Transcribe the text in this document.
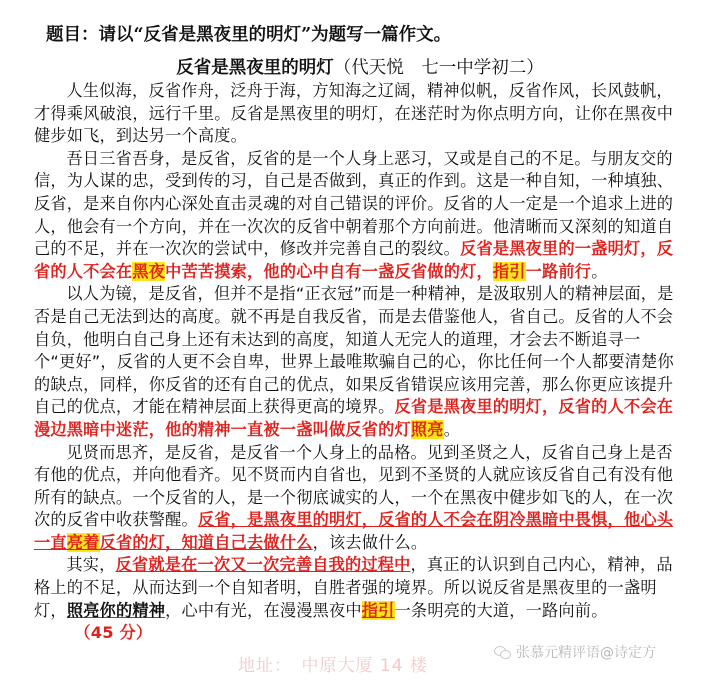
题目：请以“反省是黑夜里的明灯”为题写一篇作文。
反省是黑夜里的明灯（代天悦　七一中学初二）

人生似海，反省作舟，泛舟于海，方知海之辽阔，精神似帆，反省作风，长风鼓帆，才得乘风破浪，远行千里。反省是黑夜里的明灯，在迷茫时为你点明方向，让你在黑夜中健步如飞，到达另一个高度。

吾日三省吾身，是反省，反省的是一个人身上恶习，又或是自己的不足。与朋友交的信，为人谋的忠，受到传的习，自己是否做到，真正的作到。这是一种自知，一种填独、反省，是来自你内心深处直击灵魂的对自己错误的评价。反省的人一定是一个追求上进的人，他会有一个方向，并在一次次的反省中朝着那个方向前进。他清晰而又深刻的知道自己的不足，并在一次次的尝试中，修改并完善自己的裂纹。反省是黑夜里的一盏明灯，反省的人不会在黑夜中苦苦摸索，他的心中自有一盏反省做的灯，指引一路前行。

以人为镜，是反省，但并不是指“正衣冠”而是一种精神，是汲取别人的精神层面，是否是自己无法到达的高度。就不再是自我反省，而是去借鉴他人，省自己。反省的人不会自负，他明白自己身上还有未达到的高度，知道人无完人的道理，才会去不断追寻一个“更好”，反省的人更不会自卑，世界上最唯欺骗自己的心，你比任何一个人都要清楚你的缺点，同样，你反省的还有自己的优点，如果反省错误应该用完善，那么你更应该提升自己的优点，才能在精神层面上获得更高的境界。反省是黑夜里的明灯，反省的人不会在漫边黑暗中迷茫，他的精神一直被一盏叫做反省的灯照亮。

见贤而思齐，是反省，是反省一个人身上的品格。见到圣贤之人，反省自己身上是否有他的优点，并向他看齐。见不贤而内自省也，见到不圣贤的人就应该反省自己有没有他所有的缺点。一个反省的人，是一个彻底诚实的人，一个在黑夜中健步如飞的人，在一次次的反省中收获警醒。反省，是黑夜里的明灯，反省的人不会在阴冷黑暗中畏惧，他心头一直亮着反省的灯，知道自己去做什么，该去做什么。

其实，反省就是在一次又一次完善自我的过程中，真正的认识到自己内心，精神，品格上的不足，从而达到一个自知者明，自胜者强的境界。所以说反省是黑夜里的一盏明灯，照亮你的精神，心中有光，在漫漫黑夜中指引一条明亮的大道，一路向前。

（45 分）

地址：　中原大厦 14 楼
张慕元精评语@诗定方
